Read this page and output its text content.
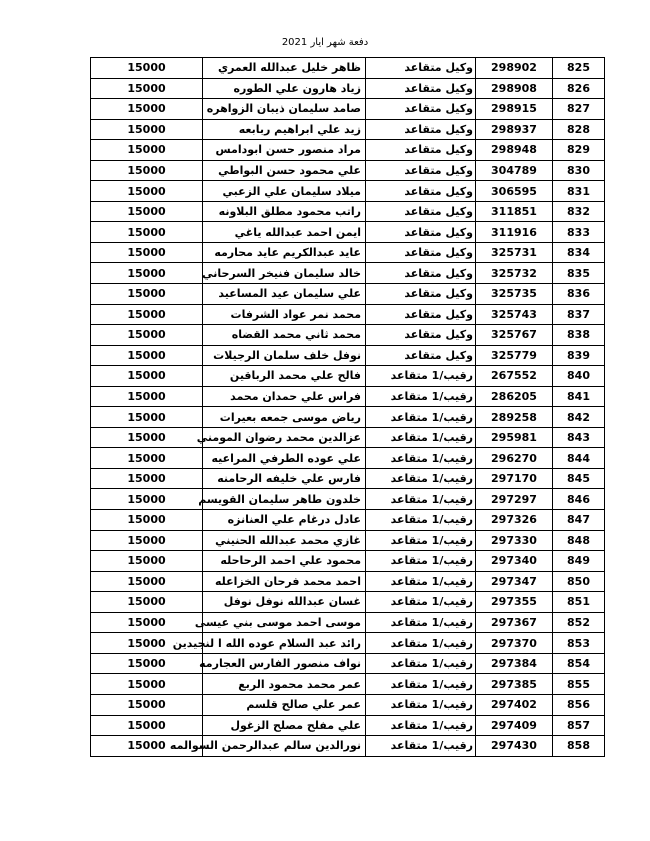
دفعة شهر ايار 2021
15000	ظاهر خليل عبدالله العمري	وكيل متقاعد	298902	825
15000	زياد هارون علي الطوره	وكيل متقاعد	298908	826
15000	صامد سليمان ذيبان الزواهره	وكيل متقاعد	298915	827
15000	زيد علي ابراهيم ربابعه	وكيل متقاعد	298937	828
15000	مراد منصور حسن ابودامس	وكيل متقاعد	298948	829
15000	علي محمود حسن البواطي	وكيل متقاعد	304789	830
15000	ميلاد سليمان علي الزعبي	وكيل متقاعد	306595	831
15000	راتب محمود مطلق البلاونه	وكيل متقاعد	311851	832
15000	ايمن احمد عبدالله ياغي	وكيل متقاعد	311916	833
15000	عايد عبدالكريم عايد محارمه	وكيل متقاعد	325731	834
15000	خالد سليمان فنيخر السرحاني	وكيل متقاعد	325732	835
15000	علي سليمان عيد المساعيد	وكيل متقاعد	325735	836
15000	محمد نمر عواد الشرفات	وكيل متقاعد	325743	837
15000	محمد ثاني محمد القضاه	وكيل متقاعد	325767	838
15000	نوفل خلف سلمان الرجيلات	وكيل متقاعد	325779	839
15000	فالح علي محمد الرباقين	رقيب/1 متقاعد	267552	840
15000	فراس علي حمدان محمد	رقيب/1 متقاعد	286205	841
15000	رياض موسى جمعه بعيرات	رقيب/1 متقاعد	289258	842
15000	عزالدين محمد رضوان المومني	رقيب/1 متقاعد	295981	843
15000	علي عوده الطرفي المراعيه	رقيب/1 متقاعد	296270	844
15000	فارس علي خليفه الرحامنه	رقيب/1 متقاعد	297170	845
15000	خلدون طاهر سليمان القويسم	رقيب/1 متقاعد	297297	846
15000	عادل درغام علي العنانزه	رقيب/1 متقاعد	297326	847
15000	غازي محمد عبدالله الحنيني	رقيب/1 متقاعد	297330	848
15000	محمود علي احمد الرحاحله	رقيب/1 متقاعد	297340	849
15000	احمد محمد فرحان الخزاعله	رقيب/1 متقاعد	297347	850
15000	غسان عبدالله نوفل نوفل	رقيب/1 متقاعد	297355	851
15000	موسى احمد موسى بني عيسى	رقيب/1 متقاعد	297367	852
15000	رائد عبد السلام عوده الله ا لنجيدين	رقيب/1 متقاعد	297370	853
15000	نواف منصور الفارس العجارمه	رقيب/1 متقاعد	297384	854
15000	عمر محمد محمود الربع	رقيب/1 متقاعد	297385	855
15000	عمر علي صالح قلسم	رقيب/1 متقاعد	297402	856
15000	علي مفلح مصلح الزغول	رقيب/1 متقاعد	297409	857
15000	نورالدين سالم عبدالرحمن السوالمه	رقيب/1 متقاعد	297430	858
